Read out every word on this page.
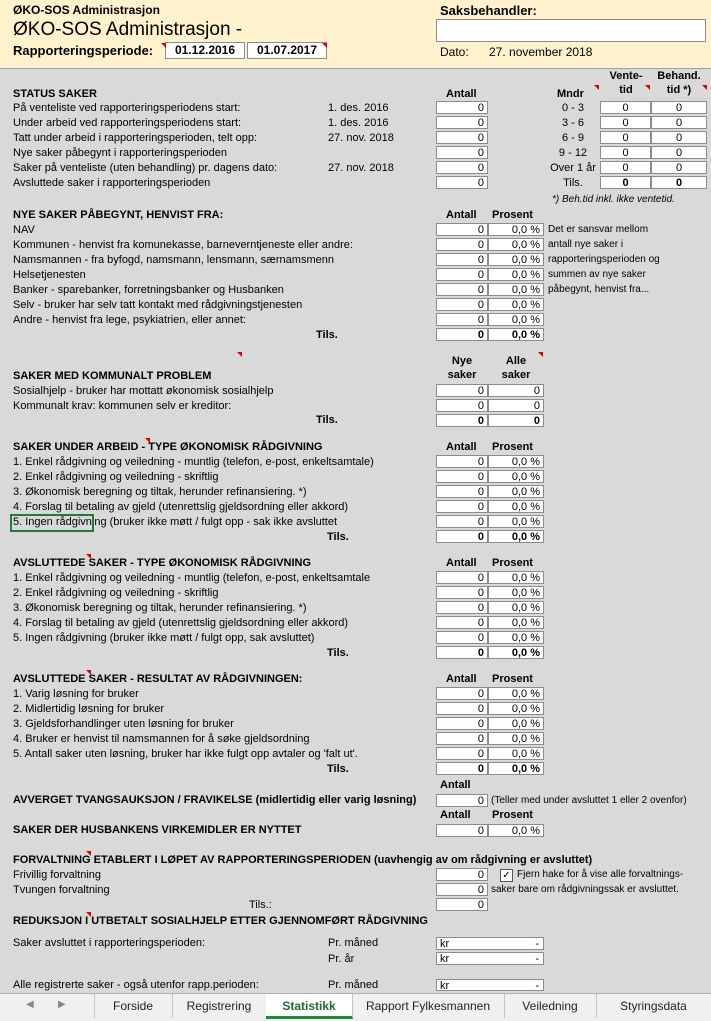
ØKO-SOS Administrasjon
ØKO-SOS Administrasjon -
Rapporteringsperiode:	01.12.2016	01.07.2017
Saksbehandler:
Dato: 27. november 2018
STATUS SAKER	Antall
På venteliste ved rapporteringsperiodens start:	1. des. 2016	0
Under arbeid ved rapporteringsperiodens start:	1. des. 2016	0
Tatt under arbeid i rapporteringsperioden, telt opp:	27. nov. 2018	0
Nye saker påbegynt i rapporteringsperioden	0
Saker på venteliste (uten behandling) pr. dagens dato:	27. nov. 2018	0
Avsluttede saker i rapporteringsperioden	0
Mndr
Vente-
tid
Behand.
tid *)
0 - 3	0	0
3 - 6	0	0
6 - 9	0	0
9 - 12	0	0
Over 1 år	0	0
Tils.	0	0
*) Beh.tid inkl. ikke ventetid.
NYE SAKER PÅBEGYNT, HENVIST FRA:	Antall Prosent
NAV	0	0,0 %
Kommunen - henvist fra komunekasse, barneverntjeneste eller andre:	0	0,0 %
Namsmannen - fra byfogd, namsmann, lensmann, særnamsmenn	0	0,0 %
Helsetjenesten	0	0,0 %
Banker - sparebanker, forretningsbanker og Husbanken	0	0,0 %
Selv - bruker har selv tatt kontakt med rådgivningstjenesten	0	0,0 %
Andre - henvist fra lege, psykiatrien, eller annet:	0	0,0 %
Tils.	0	0,0 %
Det er sansvar mellom
antall nye saker i
rapporteringsperioden og
summen av nye saker
påbegynt, henvist fra...
Nye
saker
Alle
saker
SAKER MED KOMMUNALT PROBLEM
Sosialhjelp - bruker har mottatt økonomisk sosialhjelp	0	0
Kommunalt krav: kommunen selv er kreditor:	0	0
Tils.	0	0
SAKER UNDER ARBEID - TYPE ØKONOMISK RÅDGIVNING	Antall Prosent
1. Enkel rådgivning og veiledning - muntlig (telefon, e-post, enkeltsamtale)	0	0,0 %
2. Enkel rådgivning og veiledning - skriftlig	0	0,0 %
3. Økonomisk beregning og tiltak, herunder refinansiering. *)	0	0,0 %
4. Forslag til betaling av gjeld (utenrettslig gjeldsordning eller akkord)	0	0,0 %
5. Ingen rådgivning (bruker ikke møtt / fulgt opp - sak ikke avsluttet	0	0,0 %
Tils.	0	0,0 %
AVSLUTTEDE SAKER - TYPE ØKONOMISK RÅDGIVNING	Antall Prosent
1. Enkel rådgivning og veiledning - muntlig (telefon, e-post, enkeltsamtale	0	0,0 %
2. Enkel rådgivning og veiledning - skriftlig	0	0,0 %
3. Økonomisk beregning og tiltak, herunder refinansiering. *)	0	0,0 %
4. Forslag til betaling av gjeld (utenrettslig gjeldsordning eller akkord)	0	0,0 %
5. Ingen rådgivning (bruker ikke møtt / fulgt opp, sak avsluttet)	0	0,0 %
Tils.	0	0,0 %
AVSLUTTEDE SAKER - RESULTAT AV RÅDGIVNINGEN:	Antall Prosent
1. Varig løsning for bruker	0	0,0 %
2. Midlertidig løsning for bruker	0	0,0 %
3. Gjeldsforhandlinger uten løsning for bruker	0	0,0 %
4. Bruker er henvist til namsmannen for å søke gjeldsordning	0	0,0 %
5. Antall saker uten løsning, bruker har ikke fulgt opp avtaler og 'falt ut'.	0	0,0 %
Tils.	0	0,0 %
Antall
AVVERGET TVANGSAUKSJON / FRAVIKELSE (midlertidig eller varig løsning)	0 (Teller med under avsluttet 1 eller 2 ovenfor)
Antall Prosent
SAKER DER HUSBANKENS VIRKEMIDLER ER NYTTET	0	0,0 %
FORVALTNING ETABLERT I LØPET AV RAPPORTERINGSPERIODEN (uavhengig av om rådgivning er avsluttet)
Frivillig forvaltning	0
Tvungen forvaltning	0
Tils.:	0
✓ Fjern hake for å vise alle forvaltnings-
saker bare om rådgivningssak er avsluttet.
REDUKSJON I UTBETALT SOSIALHJELP ETTER GJENNOMFØRT RÅDGIVNING
Saker avsluttet i rapporteringsperioden:	Pr. måned	kr	-
Pr. år	kr	-
Alle registrerte saker - også utenfor rapp.perioden:	Pr. måned	kr	-
◀ ▶	Forside	Registrering	Statistikk	Rapport Fylkesmannen	Veiledning	Styringsdata
